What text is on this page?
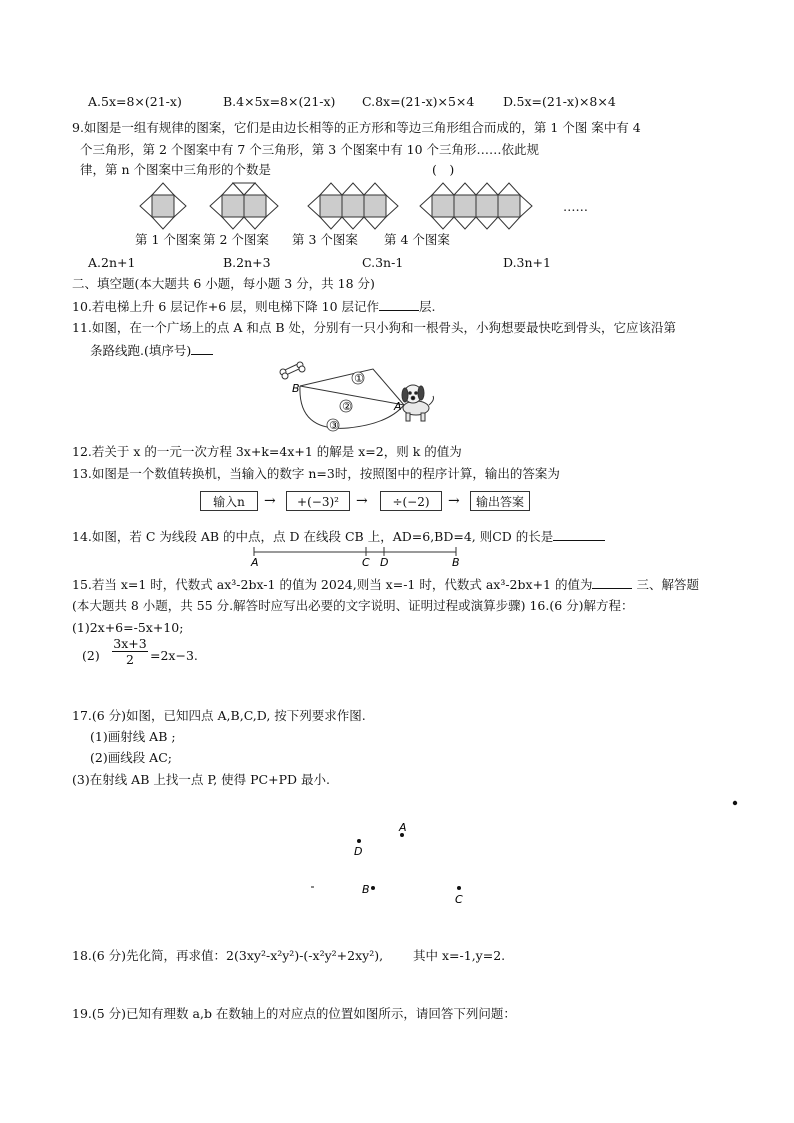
A.5x=8×(21-x)	B.4×5x=8×(21-x) C.8x=(21-x)×5×4 D.5x=(21-x)×8×4
9.如图是一组有规律的图案，它们是由边长相等的正方形和等边三角形组合而成的，第 1 个图 案中有 4
个三角形，第 2 个图案中有 7 个三角形，第 3 个图案中有 10 个三角形……依此规
律，第 n 个图案中三角形的个数是	(　)
……
第 1 个图案 第 2 个图案 第 3 个图案 第 4 个图案
A.2n+1	B.2n+3	C.3n-1	D.3n+1
二、填空题(本大题共 6 小题，每小题 3 分，共 18 分)
10.若电梯上升 6 层记作+6 层，则电梯下降 10 层记作	层.
11.如图，在一个广场上的点 A 和点 B 处，分别有一只小狗和一根骨头，小狗想要最快吃到骨头，它应该沿第
条路线跑.(填序号)
①
②
③
B
A
12.若关于 x 的一元一次方程 3x+k=4x+1 的解是 x=2，则 k 的值为
13.如图是一个数值转换机，当输入的数字 n=3时，按照图中的程序计算，输出的答案为
输入n	→	+(−3)²	→	÷(−2)	→	输出答案
14.如图，若 C 为线段 AB 的中点，点 D 在线段 CB 上，AD=6,BD=4, 则CD 的长是
A	C D	B
15.若当 x=1 时，代数式 ax³-2bx-1 的值为 2024,则当 x=-1 时，代数式 ax³-2bx+1 的值为	三、解答题
(本大题共 8 小题，共 55 分.解答时应写出必要的文字说明、证明过程或演算步骤) 16.(6 分)解方程：
(1)2x+6=-5x+10;
$(2) \frac{3x+3}{2} =2x-3$.
17.(6 分)如图，已知四点 A,B,C,D, 按下列要求作图.
(1)画射线 AB ;
(2)画线段 AC;
(3)在射线 AB 上找一点 P, 使得 PC+PD 最小.
A
D
B
C
18.(6 分)先化简，再求值：2(3xy²-x²y²)-(-x²y²+2xy²), 其中 x=-1,y=2.
19.(5 分)已知有理数 a,b 在数轴上的对应点的位置如图所示，请回答下列问题：
